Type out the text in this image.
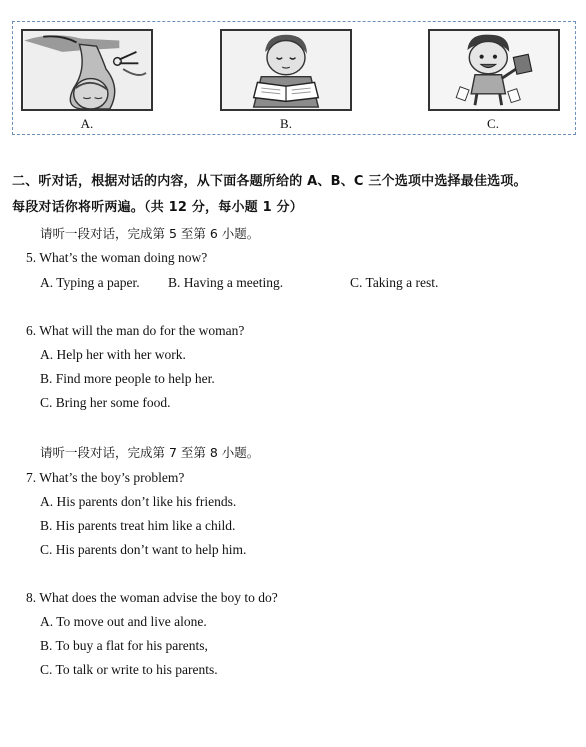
A.	B.	C.
二、听对话，根据对话的内容，从下面各题所给的 A、B、C 三个选项中选择最佳选项。
每段对话你将听两遍。（共 12 分，每小题 1 分）
请听一段对话，完成第 5 至第 6 小题。
5. What’s the woman doing now?
A. Typing a paper. B. Having a meeting.	C. Taking a rest.
6. What will the man do for the woman?
A. Help her with her work.
B. Find more people to help her.
C. Bring her some food.
请听一段对话，完成第 7 至第 8 小题。
7. What’s the boy’s problem?
A. His parents don’t like his friends.
B. His parents treat him like a child.
C. His parents don’t want to help him.
8. What does the woman advise the boy to do?
A. To move out and live alone.
B. To buy a flat for his parents,
C. To talk or write to his parents.
